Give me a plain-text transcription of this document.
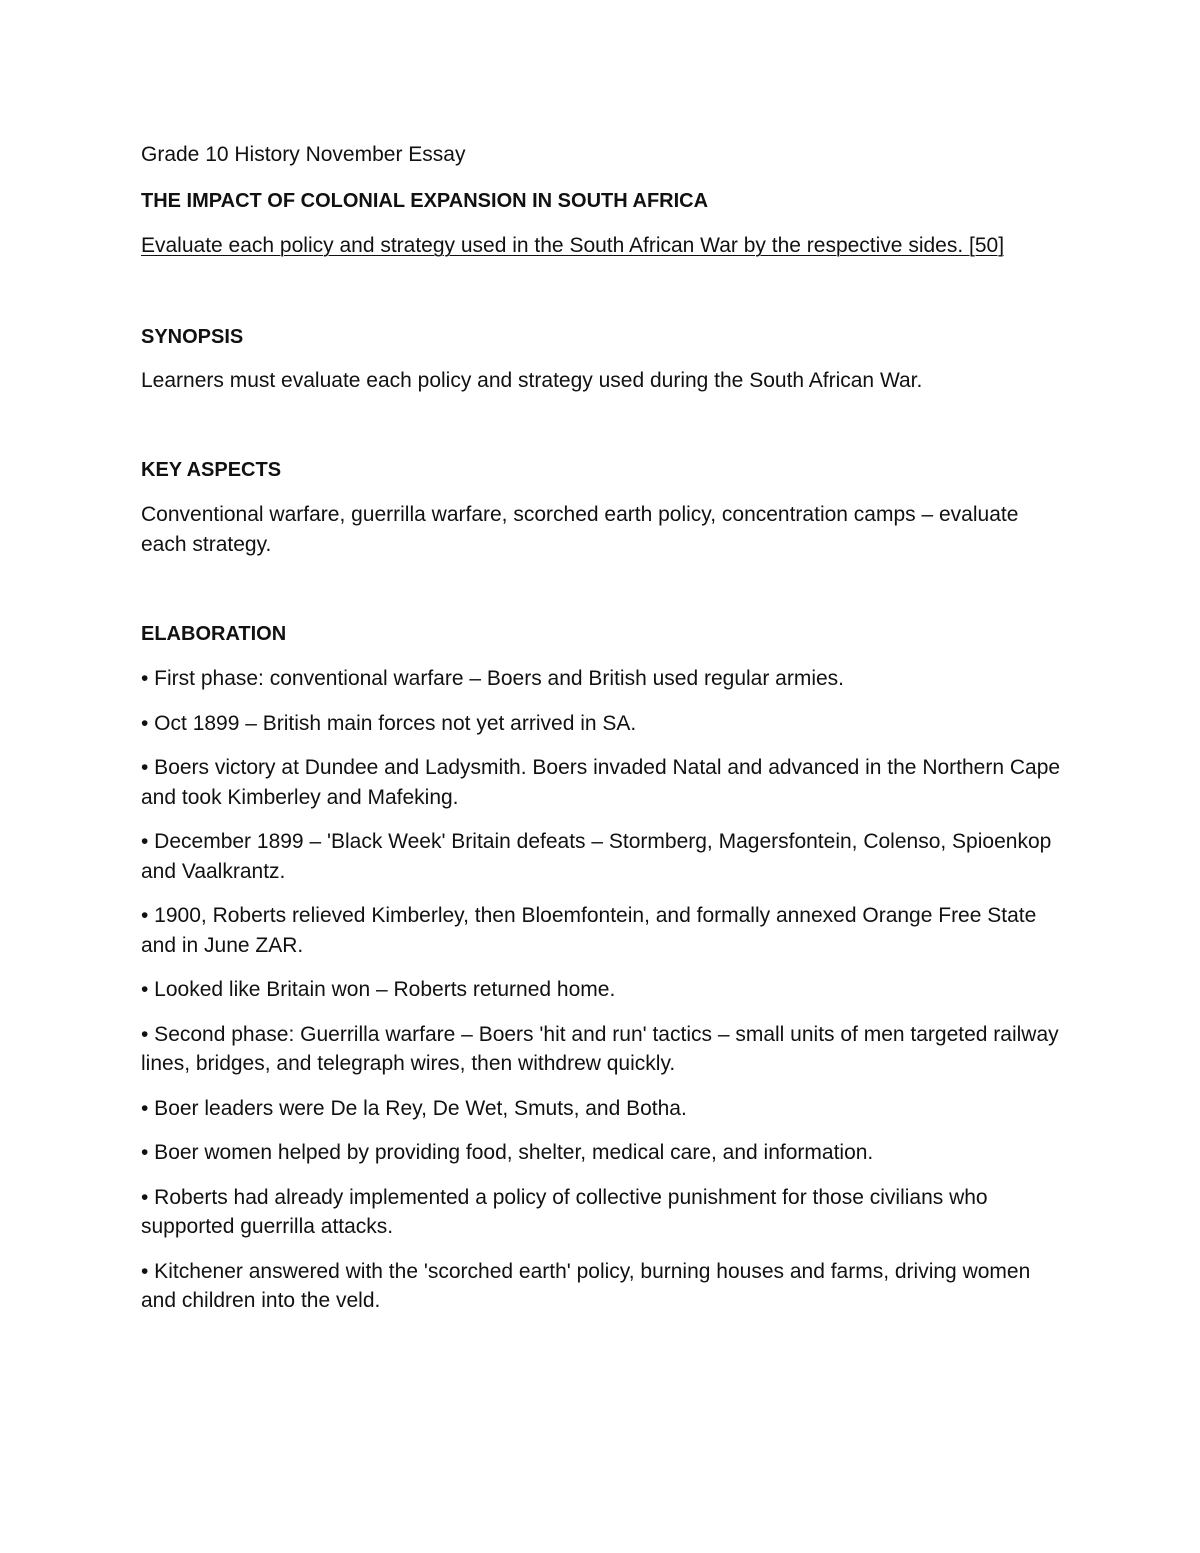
Grade 10 History November Essay

THE IMPACT OF COLONIAL EXPANSION IN SOUTH AFRICA

Evaluate each policy and strategy used in the South African War by the respective sides. [50]

SYNOPSIS

Learners must evaluate each policy and strategy used during the South African War.

KEY ASPECTS

Conventional warfare, guerrilla warfare, scorched earth policy, concentration camps – evaluate each strategy.

ELABORATION

• First phase: conventional warfare – Boers and British used regular armies.
• Oct 1899 – British main forces not yet arrived in SA.
• Boers victory at Dundee and Ladysmith. Boers invaded Natal and advanced in the Northern Cape and took Kimberley and Mafeking.
• December 1899 – 'Black Week' Britain defeats – Stormberg, Magersfontein, Colenso, Spioenkop and Vaalkrantz.
• 1900, Roberts relieved Kimberley, then Bloemfontein, and formally annexed Orange Free State and in June ZAR.
• Looked like Britain won – Roberts returned home.
• Second phase: Guerrilla warfare – Boers 'hit and run' tactics – small units of men targeted railway lines, bridges, and telegraph wires, then withdrew quickly.
• Boer leaders were De la Rey, De Wet, Smuts, and Botha.
• Boer women helped by providing food, shelter, medical care, and information.
• Roberts had already implemented a policy of collective punishment for those civilians who supported guerrilla attacks.
• Kitchener answered with the 'scorched earth' policy, burning houses and farms, driving women and children into the veld.
